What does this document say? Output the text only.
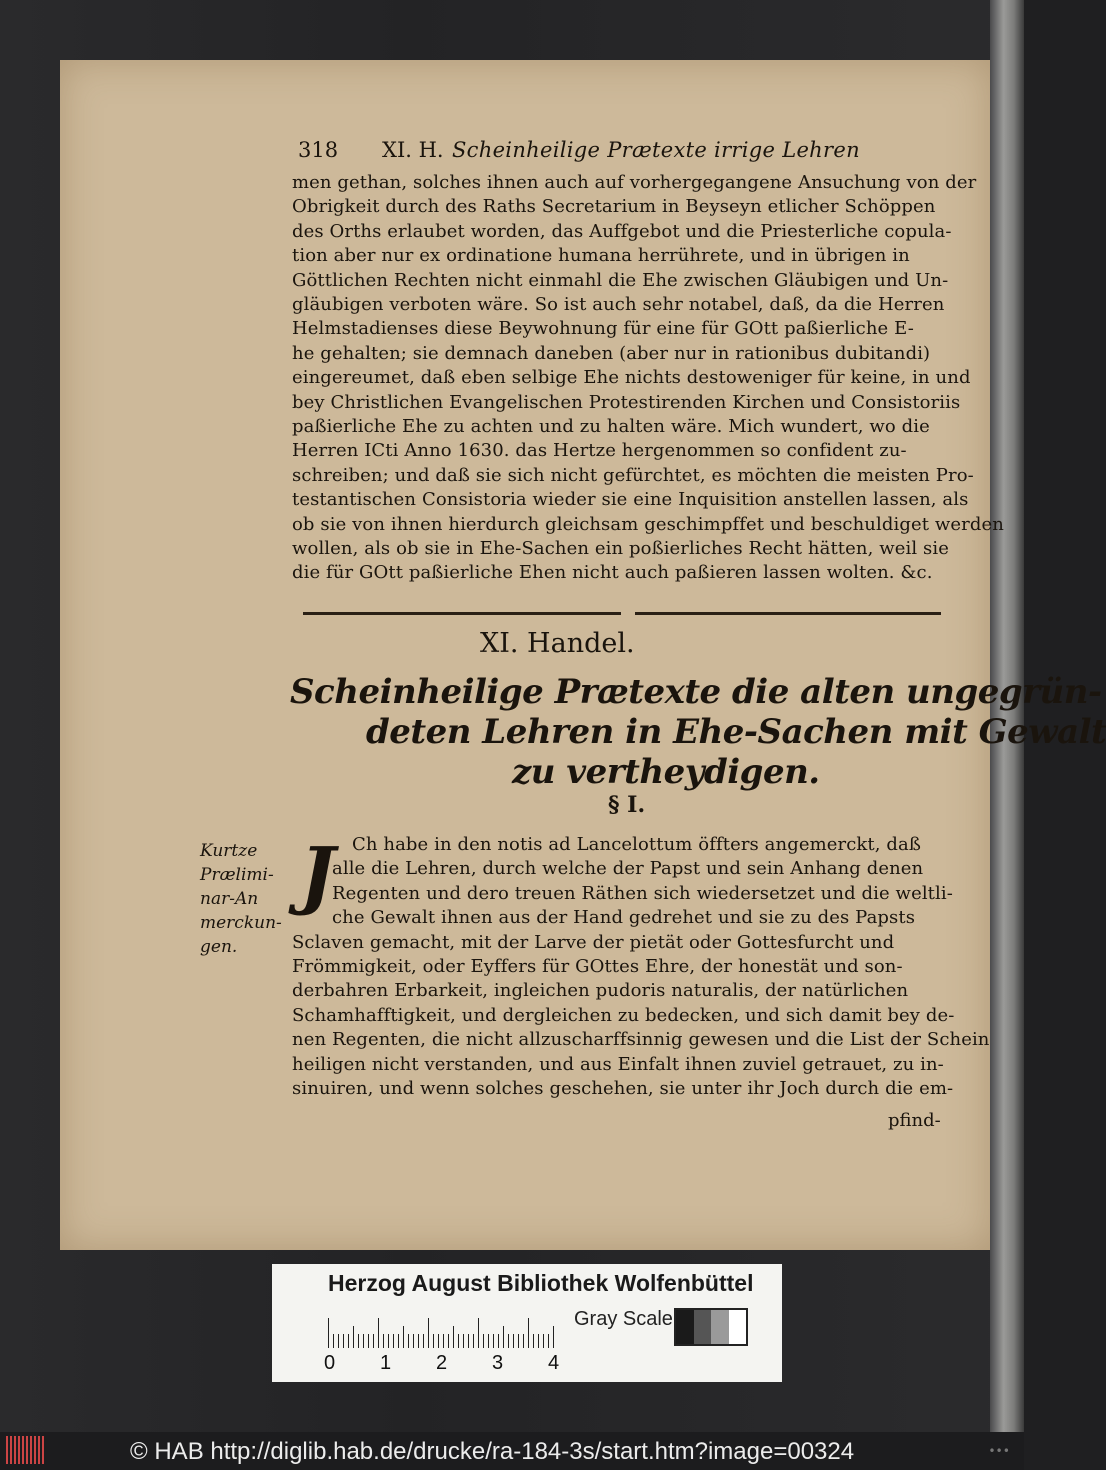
318 XI. H. Scheinheilige Prætexte irrige Lehren
men gethan, solches ihnen auch auf vorhergegangene Ansuchung von der
Obrigkeit durch des Raths Secretarium in Beyseyn etlicher Schöppen
des Orths erlaubet worden, das Auffgebot und die Priesterliche copula-
tion aber nur ex ordinatione humana herrührete, und in übrigen in
Göttlichen Rechten nicht einmahl die Ehe zwischen Gläubigen und Un-
gläubigen verboten wäre. So ist auch sehr notabel, daß, da die Herren
Helmstadienses diese Beywohnung für eine für GOtt paßierliche E-
he gehalten; sie demnach daneben (aber nur in rationibus dubitandi)
eingereumet, daß eben selbige Ehe nichts destoweniger für keine, in und
bey Christlichen Evangelischen Protestirenden Kirchen und Consistoriis
paßierliche Ehe zu achten und zu halten wäre. Mich wundert, wo die
Herren ICti Anno 1630. das Hertze hergenommen so confident zu-
schreiben; und daß sie sich nicht gefürchtet, es möchten die meisten Pro-
testantischen Consistoria wieder sie eine Inquisition anstellen lassen, als
ob sie von ihnen hierdurch gleichsam geschimpffet und beschuldiget werden
wollen, als ob sie in Ehe-Sachen ein poßierliches Recht hätten, weil sie
die für GOtt paßierliche Ehen nicht auch paßieren lassen wolten. &c.
XI. Handel.
Scheinheilige Prætexte die alten ungegrün-
deten Lehren in Ehe-Sachen mit Gewalt
zu vertheydigen.
§ I.
Kurtze
Prælimi-
nar-An
merckun-
gen.
J Ch habe in den notis ad Lancelottum öffters angemerckt, daß
alle die Lehren, durch welche der Papst und sein Anhang denen
Regenten und dero treuen Räthen sich wiedersetzet und die weltli-
che Gewalt ihnen aus der Hand gedrehet und sie zu des Papsts
Sclaven gemacht, mit der Larve der pietät oder Gottesfurcht und
Frömmigkeit, oder Eyffers für GOttes Ehre, der honestät und son-
derbahren Erbarkeit, ingleichen pudoris naturalis, der natürlichen
Schamhafftigkeit, und dergleichen zu bedecken, und sich damit bey de-
nen Regenten, die nicht allzuscharffsinnig gewesen und die List der Schein
heiligen nicht verstanden, und aus Einfalt ihnen zuviel getrauet, zu in-
sinuiren, und wenn solches geschehen, sie unter ihr Joch durch die em-
pfind-
Herzog August Bibliothek Wolfenbüttel
0 1 2 3 4
Gray Scale
© HAB http://diglib.hab.de/drucke/ra-184-3s/start.htm?image=00324	•••
